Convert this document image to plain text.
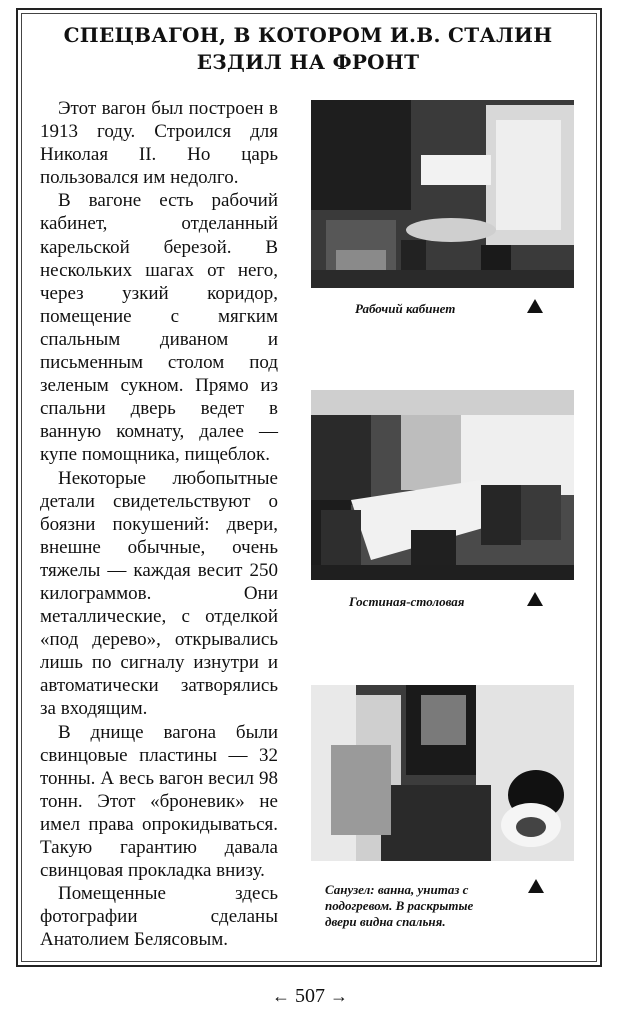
СПЕЦВАГОН, В КОТОРОМ И.В. СТАЛИН
ЕЗДИЛ НА ФРОНТ

Этот вагон был построен в 1913 году. Строился для Николая II. Но царь пользовался им недолго.

В вагоне есть рабочий кабинет, отделанный карельской березой. В нескольких шагах от него, через узкий коридор, помещение с мягким спальным диваном и письменным столом под зеленым сукном. Прямо из спальни дверь ведет в ванную комнату, далее — купе помощника, пищеблок.

Некоторые любопытные детали свидетельствуют о боязни покушений: двери, внешне обычные, очень тяжелы — каждая весит 250 килограммов. Они металлические, с отделкой «под дерево», открывались лишь по сигналу изнутри и автоматически затворялись за входящим.

В днище вагона были свинцовые пластины — 32 тонны. А весь вагон весил 98 тонн. Этот «броневик» не имел права опрокидываться. Такую гарантию давала свинцовая прокладка внизу.

Помещенные здесь фотографии сделаны Анатолием Белясовым.

Рабочий кабинет
Гостиная-столовая
Санузел: ванна, унитаз с
подогревом. В раскрытые
двери видна спальня.
← 507 →
